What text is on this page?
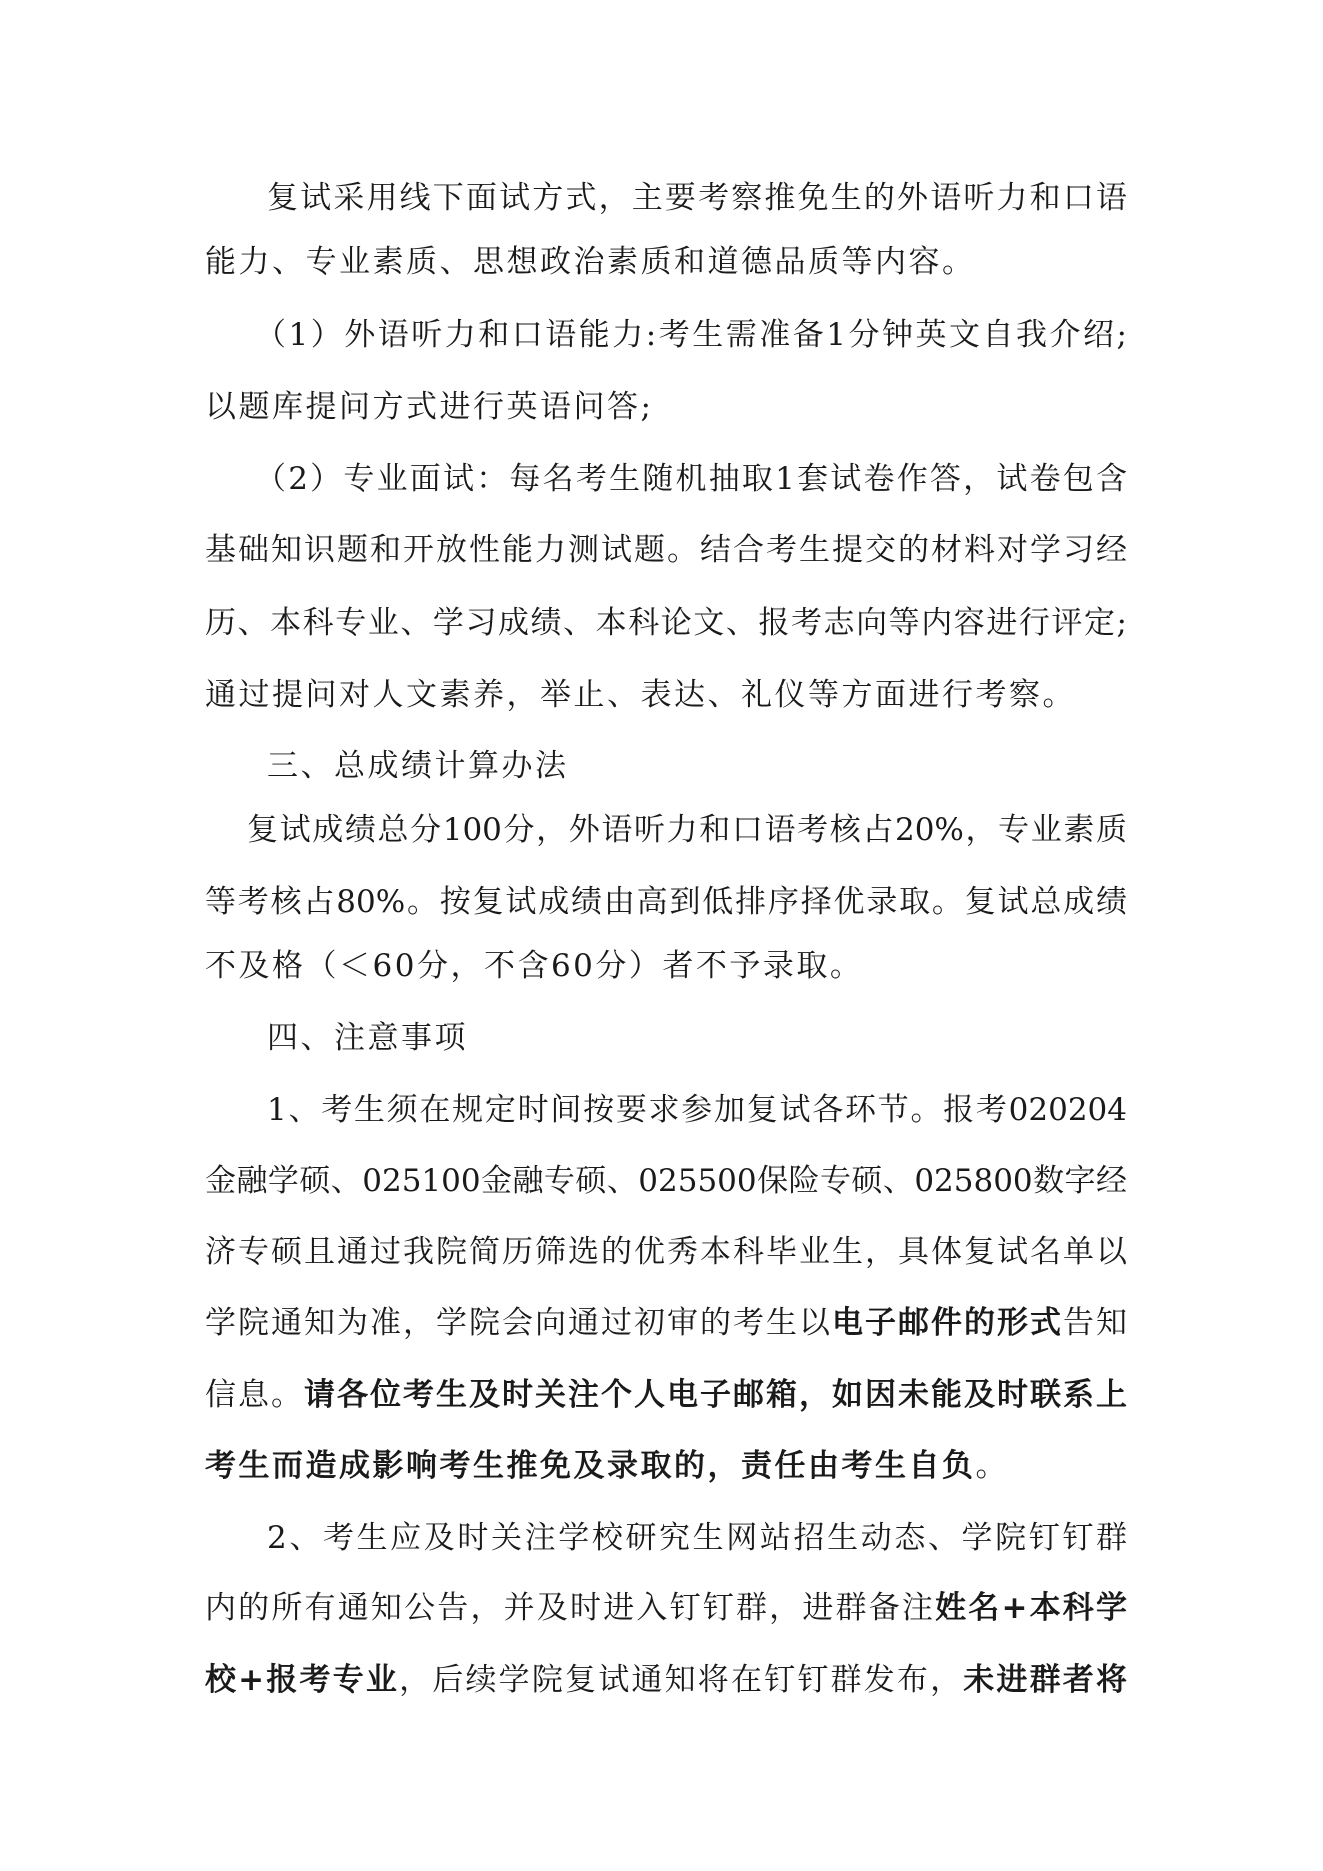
复试采用线下面试方式，主要考察推免生的外语听力和口语
能力、专业素质、思想政治素质和道德品质等内容。
（1）外语听力和口语能力:考生需准备1分钟英文自我介绍;
以题库提问方式进行英语问答;
（2）专业面试：每名考生随机抽取1套试卷作答，试卷包含
基础知识题和开放性能力测试题。结合考生提交的材料对学习经
历、本科专业、学习成绩、本科论文、报考志向等内容进行评定;
通过提问对人文素养，举止、表达、礼仪等方面进行考察。
三、总成绩计算办法
复试成绩总分100分，外语听力和口语考核占20%，专业素质
等考核占80%。按复试成绩由高到低排序择优录取。复试总成绩
不及格（＜60分，不含60分）者不予录取。
四、注意事项
1、考生须在规定时间按要求参加复试各环节。报考020204
金融学硕、025100金融专硕、025500保险专硕、025800数字经
济专硕且通过我院简历筛选的优秀本科毕业生，具体复试名单以
学院通知为准，学院会向通过初审的考生以电子邮件的形式告知
信息。请各位考生及时关注个人电子邮箱，如因未能及时联系上
考生而造成影响考生推免及录取的，责任由考生自负。
2、考生应及时关注学校研究生网站招生动态、学院钉钉群
内的所有通知公告，并及时进入钉钉群，进群备注姓名+本科学
校+报考专业，后续学院复试通知将在钉钉群发布，未进群者将
